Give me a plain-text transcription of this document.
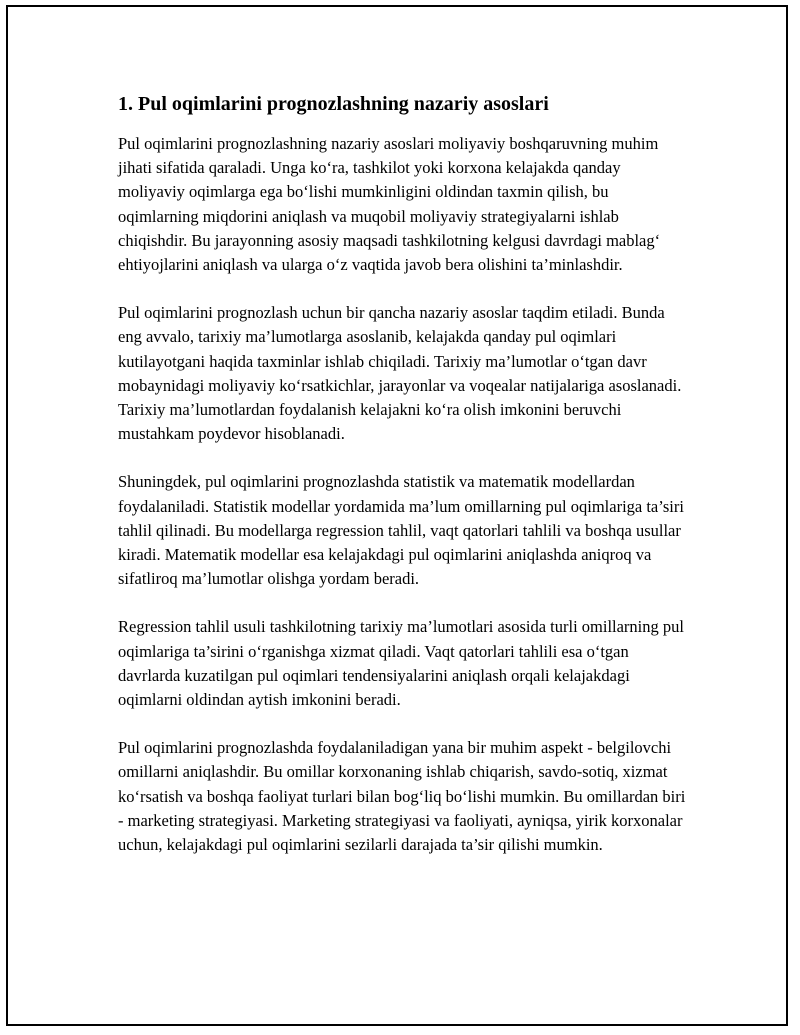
1. Pul oqimlarini prognozlashning nazariy asoslari

Pul oqimlarini prognozlashning nazariy asoslari moliyaviy boshqaruvning muhim jihati sifatida qaraladi. Unga ko‘ra, tashkilot yoki korxona kelajakda qanday moliyaviy oqimlarga ega bo‘lishi mumkinligini oldindan taxmin qilish, bu oqimlarning miqdorini aniqlash va muqobil moliyaviy strategiyalarni ishlab chiqishdir. Bu jarayonning asosiy maqsadi tashkilotning kelgusi davrdagi mablag‘ ehtiyojlarini aniqlash va ularga o‘z vaqtida javob bera olishini ta’minlashdir.

Pul oqimlarini prognozlash uchun bir qancha nazariy asoslar taqdim etiladi. Bunda eng avvalo, tarixiy ma’lumotlarga asoslanib, kelajakda qanday pul oqimlari kutilayotgani haqida taxminlar ishlab chiqiladi. Tarixiy ma’lumotlar o‘tgan davr mobaynidagi moliyaviy ko‘rsatkichlar, jarayonlar va voqealar natijalariga asoslanadi. Tarixiy ma’lumotlardan foydalanish kelajakni ko‘ra olish imkonini beruvchi mustahkam poydevor hisoblanadi.

Shuningdek, pul oqimlarini prognozlashda statistik va matematik modellardan foydalaniladi. Statistik modellar yordamida ma’lum omillarning pul oqimlariga ta’siri tahlil qilinadi. Bu modellarga regression tahlil, vaqt qatorlari tahlili va boshqa usullar kiradi. Matematik modellar esa kelajakdagi pul oqimlarini aniqlashda aniqroq va sifatliroq ma’lumotlar olishga yordam beradi.

Regression tahlil usuli tashkilotning tarixiy ma’lumotlari asosida turli omillarning pul oqimlariga ta’sirini o‘rganishga xizmat qiladi. Vaqt qatorlari tahlili esa o‘tgan davrlarda kuzatilgan pul oqimlari tendensiyalarini aniqlash orqali kelajakdagi oqimlarni oldindan aytish imkonini beradi.

Pul oqimlarini prognozlashda foydalaniladigan yana bir muhim aspekt - belgilovchi omillarni aniqlashdir. Bu omillar korxonaning ishlab chiqarish, savdo-sotiq, xizmat ko‘rsatish va boshqa faoliyat turlari bilan bog‘liq bo‘lishi mumkin. Bu omillardan biri - marketing strategiyasi. Marketing strategiyasi va faoliyati, ayniqsa, yirik korxonalar uchun, kelajakdagi pul oqimlarini sezilarli darajada ta’sir qilishi mumkin.
